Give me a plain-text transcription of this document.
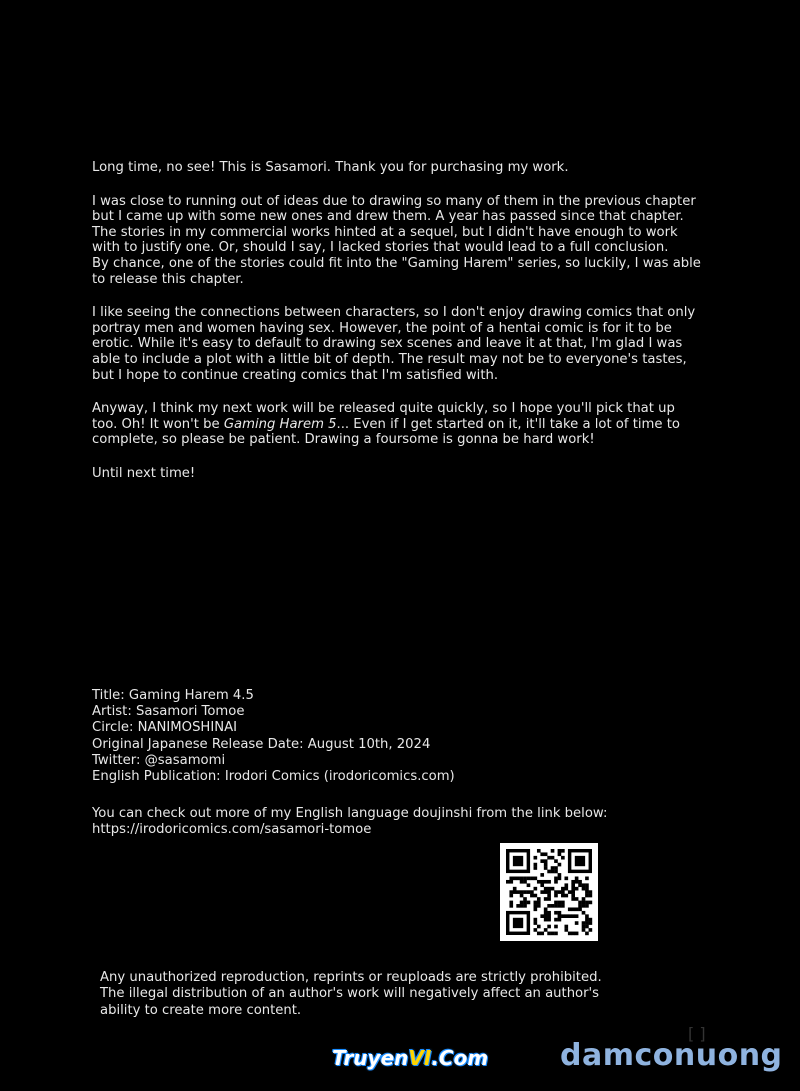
Long time, no see! This is Sasamori. Thank you for purchasing my work.

I was close to running out of ideas due to drawing so many of them in the previous chapter but I came up with some new ones and drew them. A year has passed since that chapter. The stories in my commercial works hinted at a sequel, but I didn't have enough to work with to justify one. Or, should I say, I lacked stories that would lead to a full conclusion.

By chance, one of the stories could fit into the "Gaming Harem" series, so luckily, I was able to release this chapter.

I like seeing the connections between characters, so I don't enjoy drawing comics that only portray men and women having sex. However, the point of a hentai comic is for it to be erotic. While it's easy to default to drawing sex scenes and leave it at that, I'm glad I was able to include a plot with a little bit of depth. The result may not be to everyone's tastes, but I hope to continue creating comics that I'm satisfied with.

Anyway, I think my next work will be released quite quickly, so I hope you'll pick that up too. Oh! It won't be Gaming Harem 5... Even if I get started on it, it'll take a lot of time to complete, so please be patient. Drawing a foursome is gonna be hard work!

Until next time!

Title: Gaming Harem 4.5
Artist: Sasamori Tomoe
Circle: NANIMOSHINAI
Original Japanese Release Date: August 10th, 2024
Twitter: @sasamomi
English Publication: Irodori Comics (irodoricomics.com)
You can check out more of my English language doujinshi from the link below:
https://irodoricomics.com/sasamori-tomoe
Any unauthorized reproduction, reprints or reuploads are strictly prohibited.
The illegal distribution of an author's work will negatively affect an author's
ability to create more content.
[ ]
TruyenVI.Com damconuong
